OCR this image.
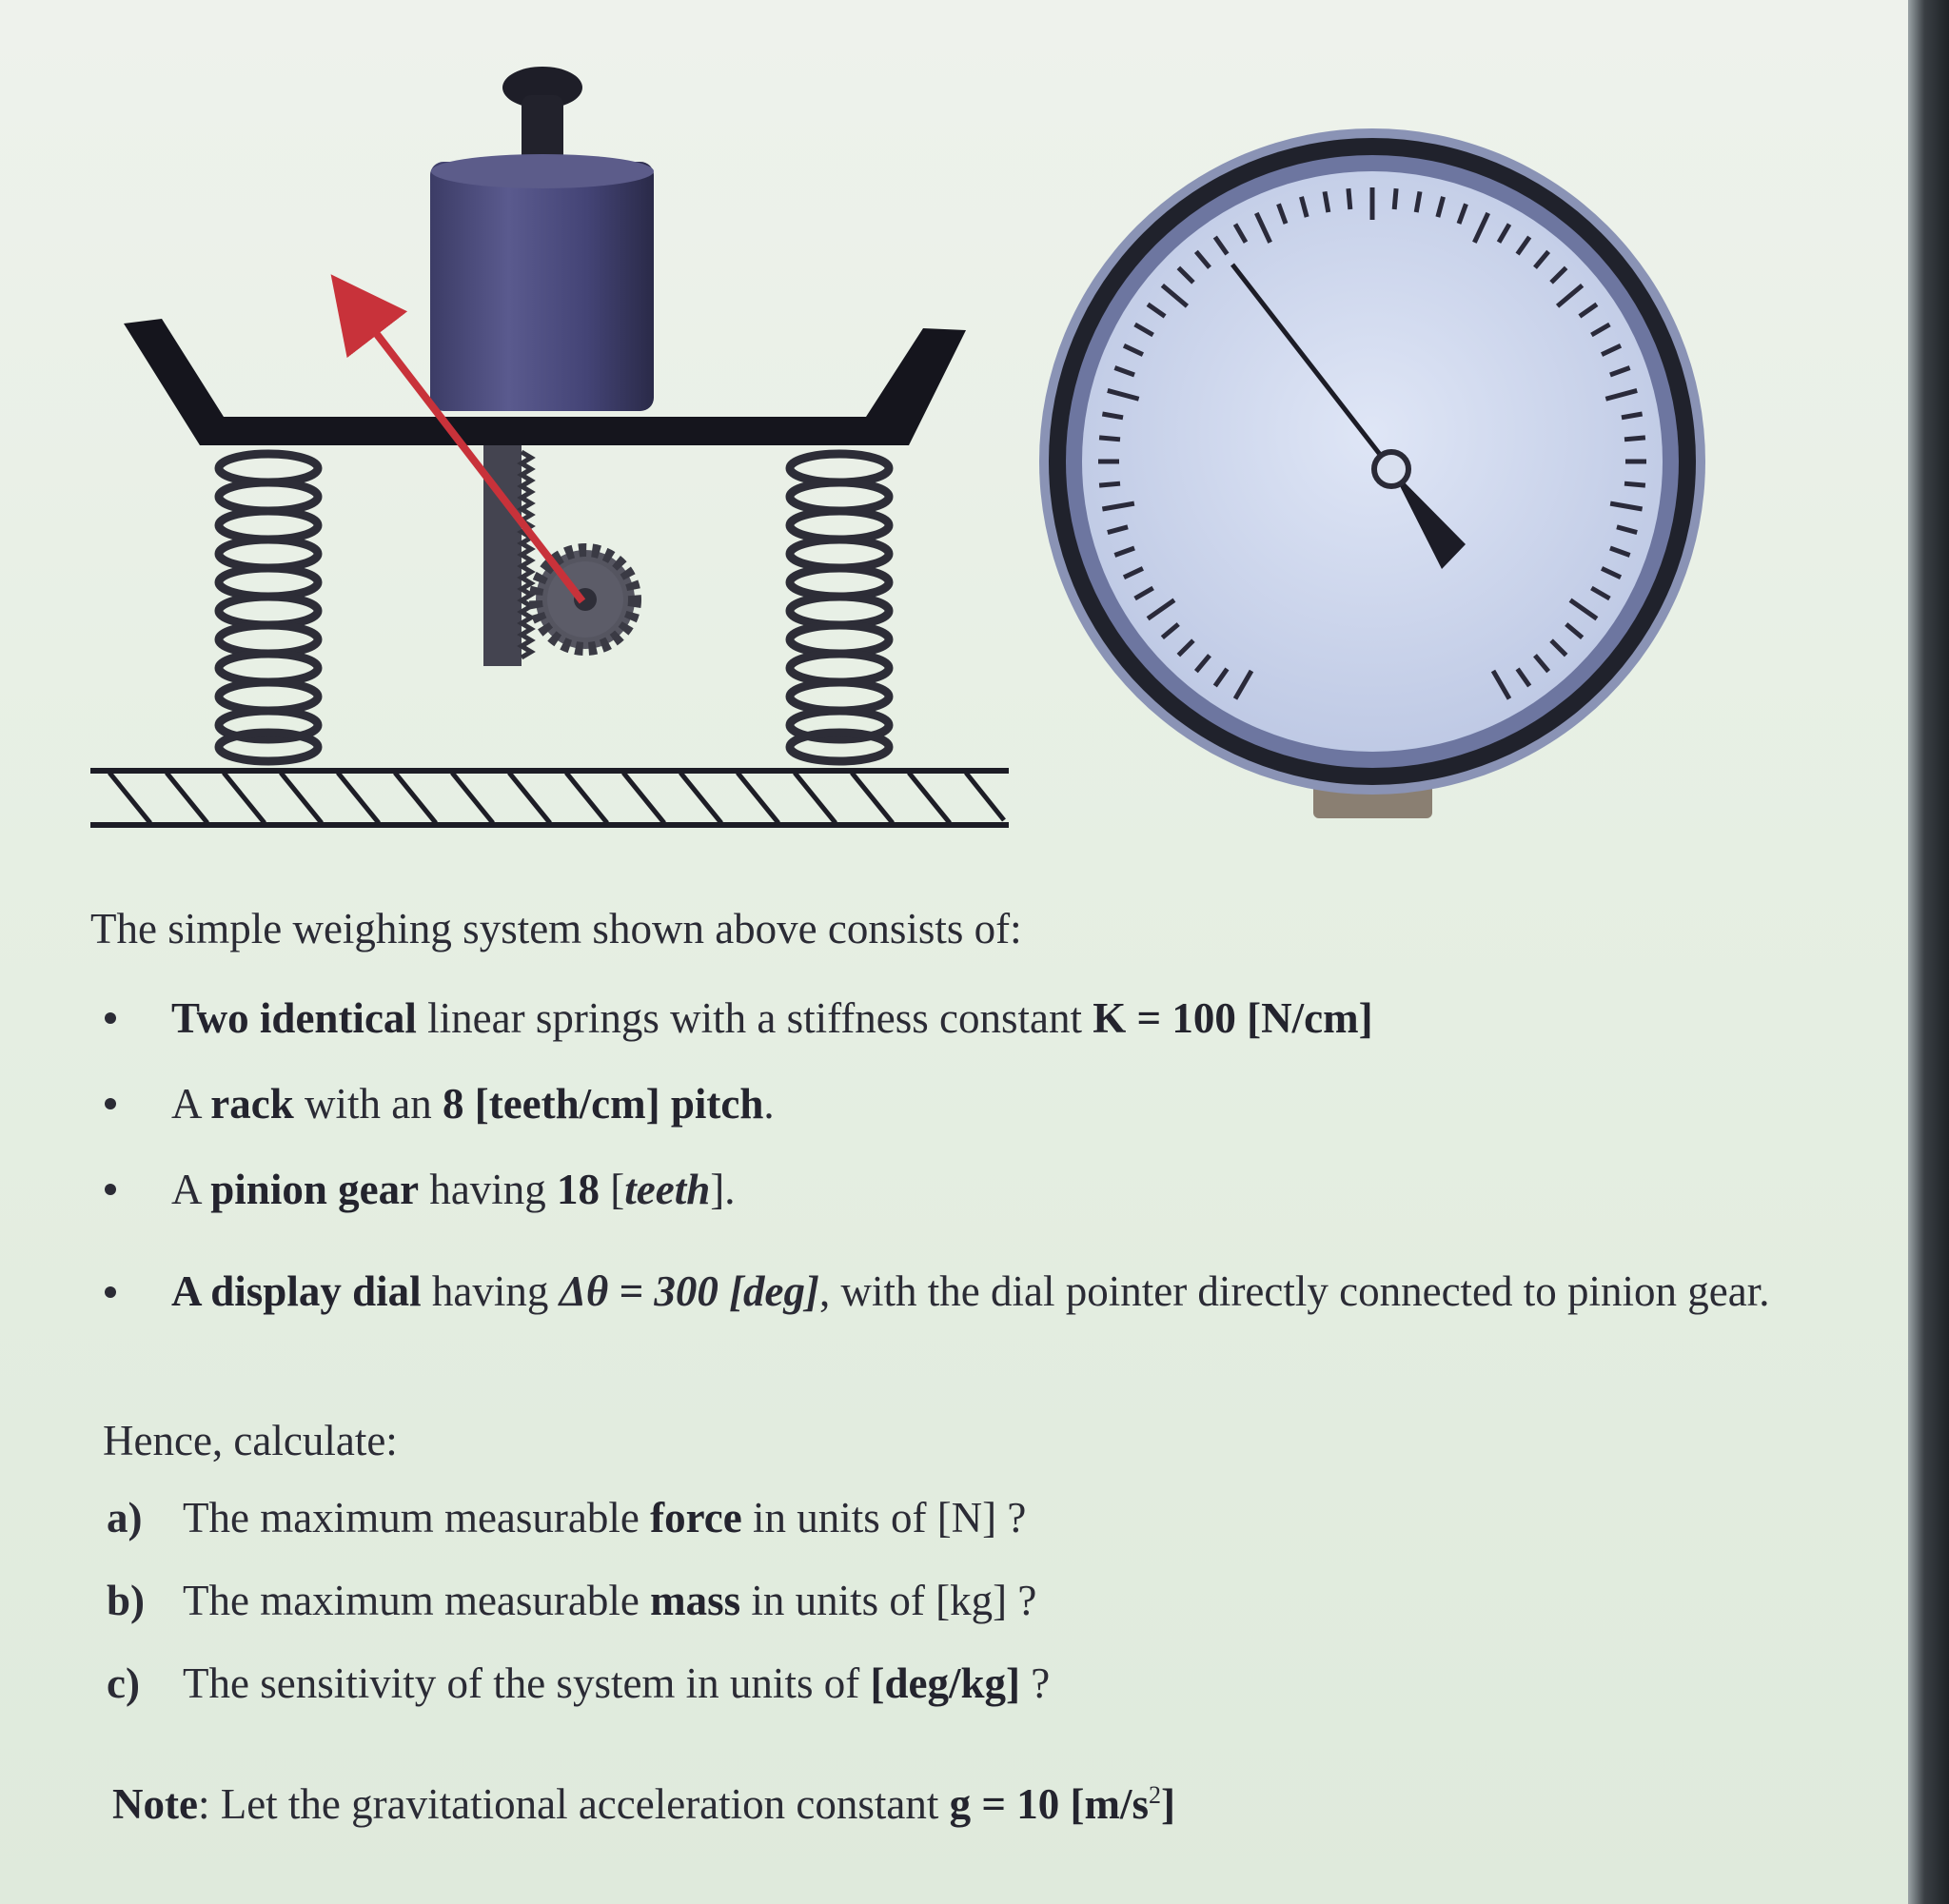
The simple weighing system shown above consists of:

Two identical linear springs with a stiffness constant K = 100 [N/cm]
A rack with an 8 [teeth/cm] pitch.
A pinion gear having 18 [teeth].
A display dial having Δθ = 300 [deg], with the dial pointer directly connected to pinion gear.

Hence, calculate:

a) The maximum measurable force in units of [N] ?
b) The maximum measurable mass in units of [kg] ?
c) The sensitivity of the system in units of [deg/kg] ?

Note: Let the gravitational acceleration constant g = 10 $[m/s^2]$
